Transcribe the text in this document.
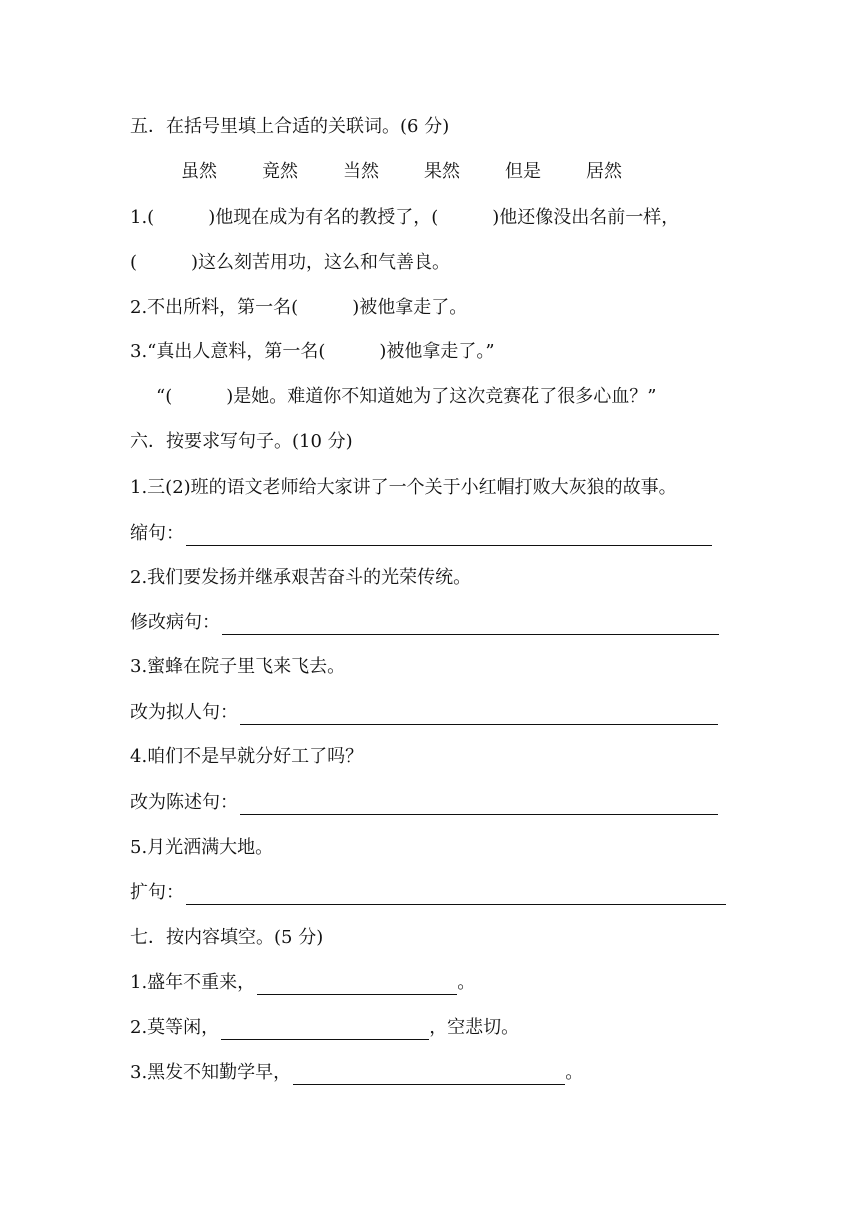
五．在括号里填上合适的关联词。(6 分)
虽然	竟然	当然	果然	但是	居然
1.(　　　)他现在成为有名的教授了，(　　　)他还像没出名前一样，
(　　　)这么刻苦用功，这么和气善良。
2.不出所料，第一名(　　　)被他拿走了。
3.“真出人意料，第一名(　　　)被他拿走了。”
“(　　　)是她。难道你不知道她为了这次竞赛花了很多心血？”
六．按要求写句子。(10 分)
1.三(2)班的语文老师给大家讲了一个关于小红帽打败大灰狼的故事。
缩句：
2.我们要发扬并继承艰苦奋斗的光荣传统。
修改病句：
3.蜜蜂在院子里飞来飞去。
改为拟人句：
4.咱们不是早就分好工了吗？
改为陈述句：
5.月光洒满大地。
扩句：
七．按内容填空。(5 分)
1.盛年不重来，	。
2.莫等闲，	，空悲切。
3.黑发不知勤学早，	。
